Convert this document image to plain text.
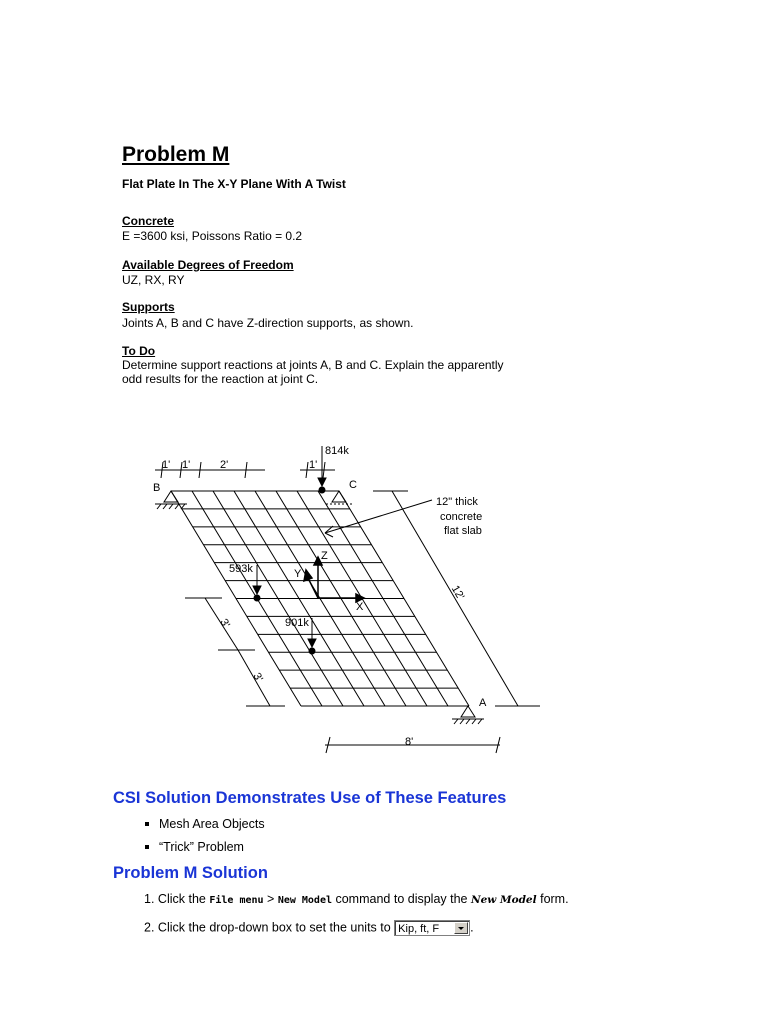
Problem M
Flat Plate In The X-Y Plane With A Twist
Concrete
E =3600 ksi, Poissons Ratio = 0.2
Available Degrees of Freedom
UZ, RX, RY
Supports
Joints A, B and C have Z-direction supports, as shown.
To Do
Determine support reactions at joints A, B and C. Explain the apparently
odd results for the reaction at joint C.
1' 1'	2'	1'
814k
593k
901k
B	C
A
12" thick
concrete
flat slab
3'
3'
12'
8'
X
Y
Z
CSI Solution Demonstrates Use of These Features
Mesh Area Objects
“Trick” Problem
Problem M Solution
1. Click the File menu > New Model command to display the New Model form.
2. Click the drop-down box to set the units to Kip, ft, F .
